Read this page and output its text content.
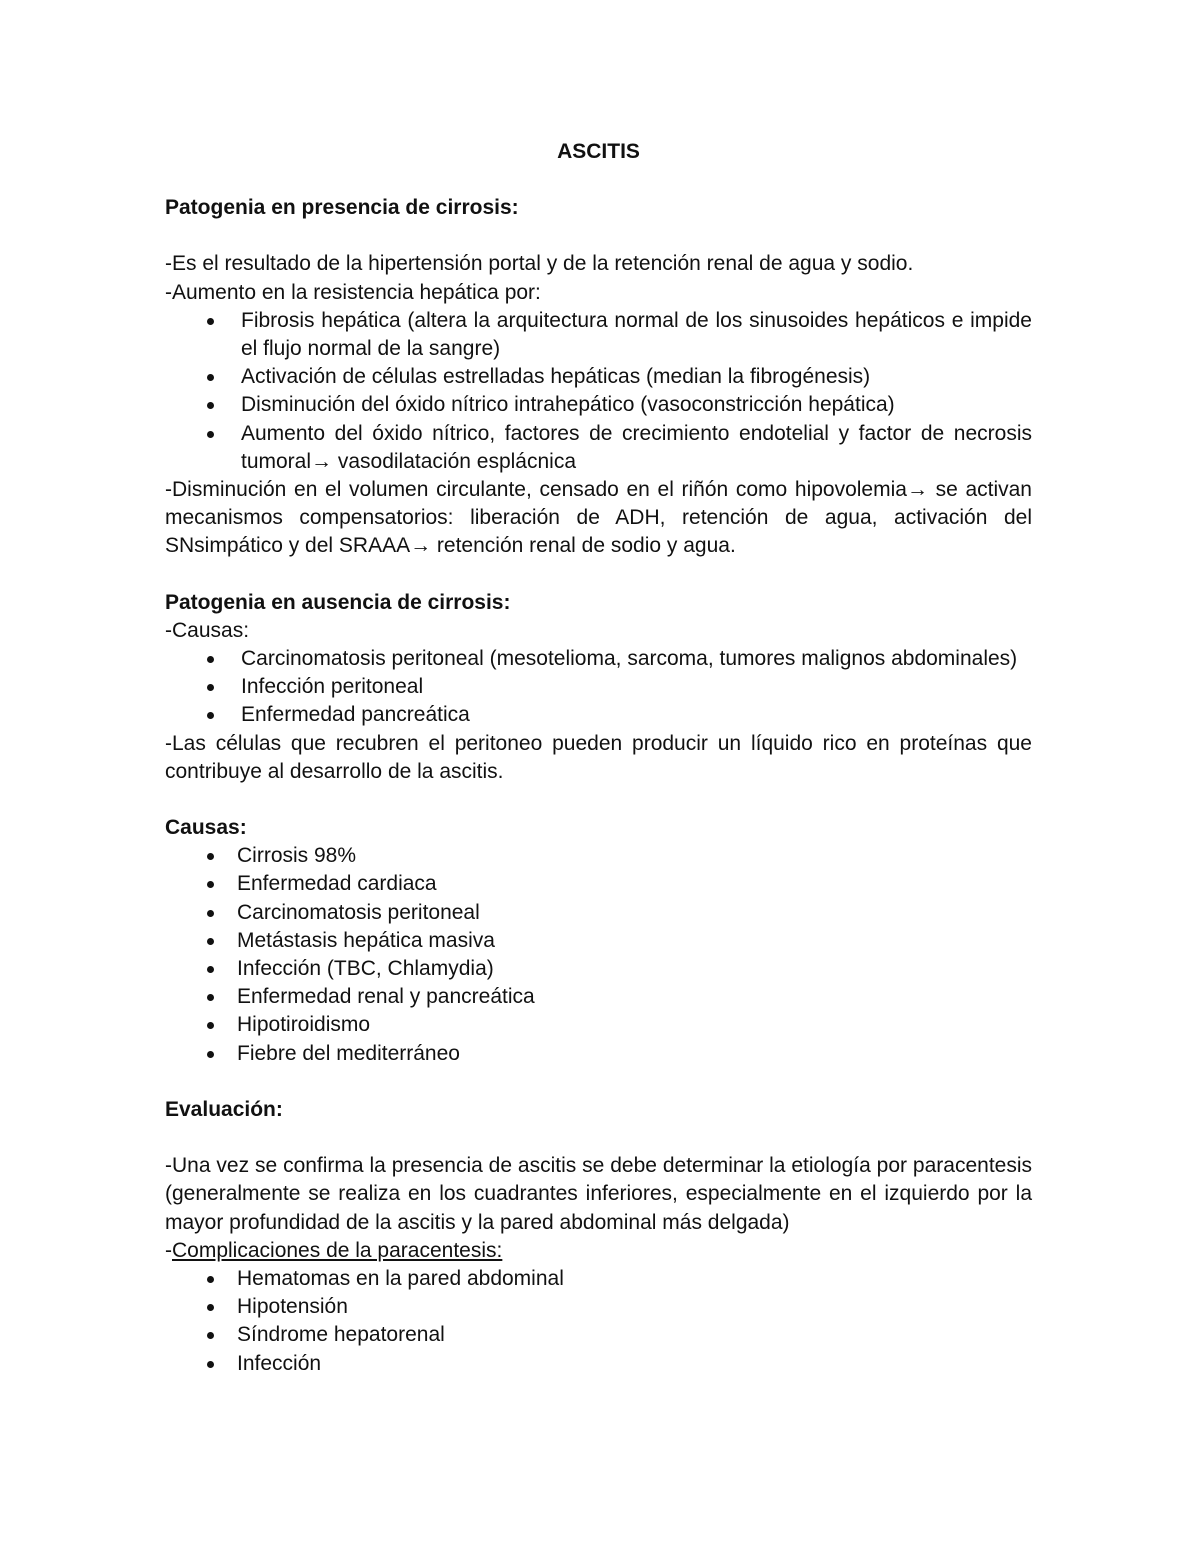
ASCITIS

Patogenia en presencia de cirrosis:

-Es el resultado de la hipertensión portal y de la retención renal de agua y sodio.

-Aumento en la resistencia hepática por:

Fibrosis hepática (altera la arquitectura normal de los sinusoides hepáticos e impide el flujo normal de la sangre)
Activación de células estrelladas hepáticas (median la fibrogénesis)
Disminución del óxido nítrico intrahepático (vasoconstricción hepática)
Aumento del óxido nítrico, factores de crecimiento endotelial y factor de necrosis tumoral→ vasodilatación esplácnica

-Disminución en el volumen circulante, censado en el riñón como hipovolemia→ se activan mecanismos compensatorios: liberación de ADH, retención de agua, activación del SNsimpático y del SRAAA→ retención renal de sodio y agua.

Patogenia en ausencia de cirrosis:

-Causas:

Carcinomatosis peritoneal (mesotelioma, sarcoma, tumores malignos abdominales)
Infección peritoneal
Enfermedad pancreática

-Las células que recubren el peritoneo pueden producir un líquido rico en proteínas que contribuye al desarrollo de la ascitis.

Causas:

Cirrosis 98%
Enfermedad cardiaca
Carcinomatosis peritoneal
Metástasis hepática masiva
Infección (TBC, Chlamydia)
Enfermedad renal y pancreática
Hipotiroidismo
Fiebre del mediterráneo

Evaluación:

-Una vez se confirma la presencia de ascitis se debe determinar la etiología por paracentesis (generalmente se realiza en los cuadrantes inferiores, especialmente en el izquierdo por la mayor profundidad de la ascitis y la pared abdominal más delgada)

-Complicaciones de la paracentesis:

Hematomas en la pared abdominal
Hipotensión
Síndrome hepatorenal
Infección
